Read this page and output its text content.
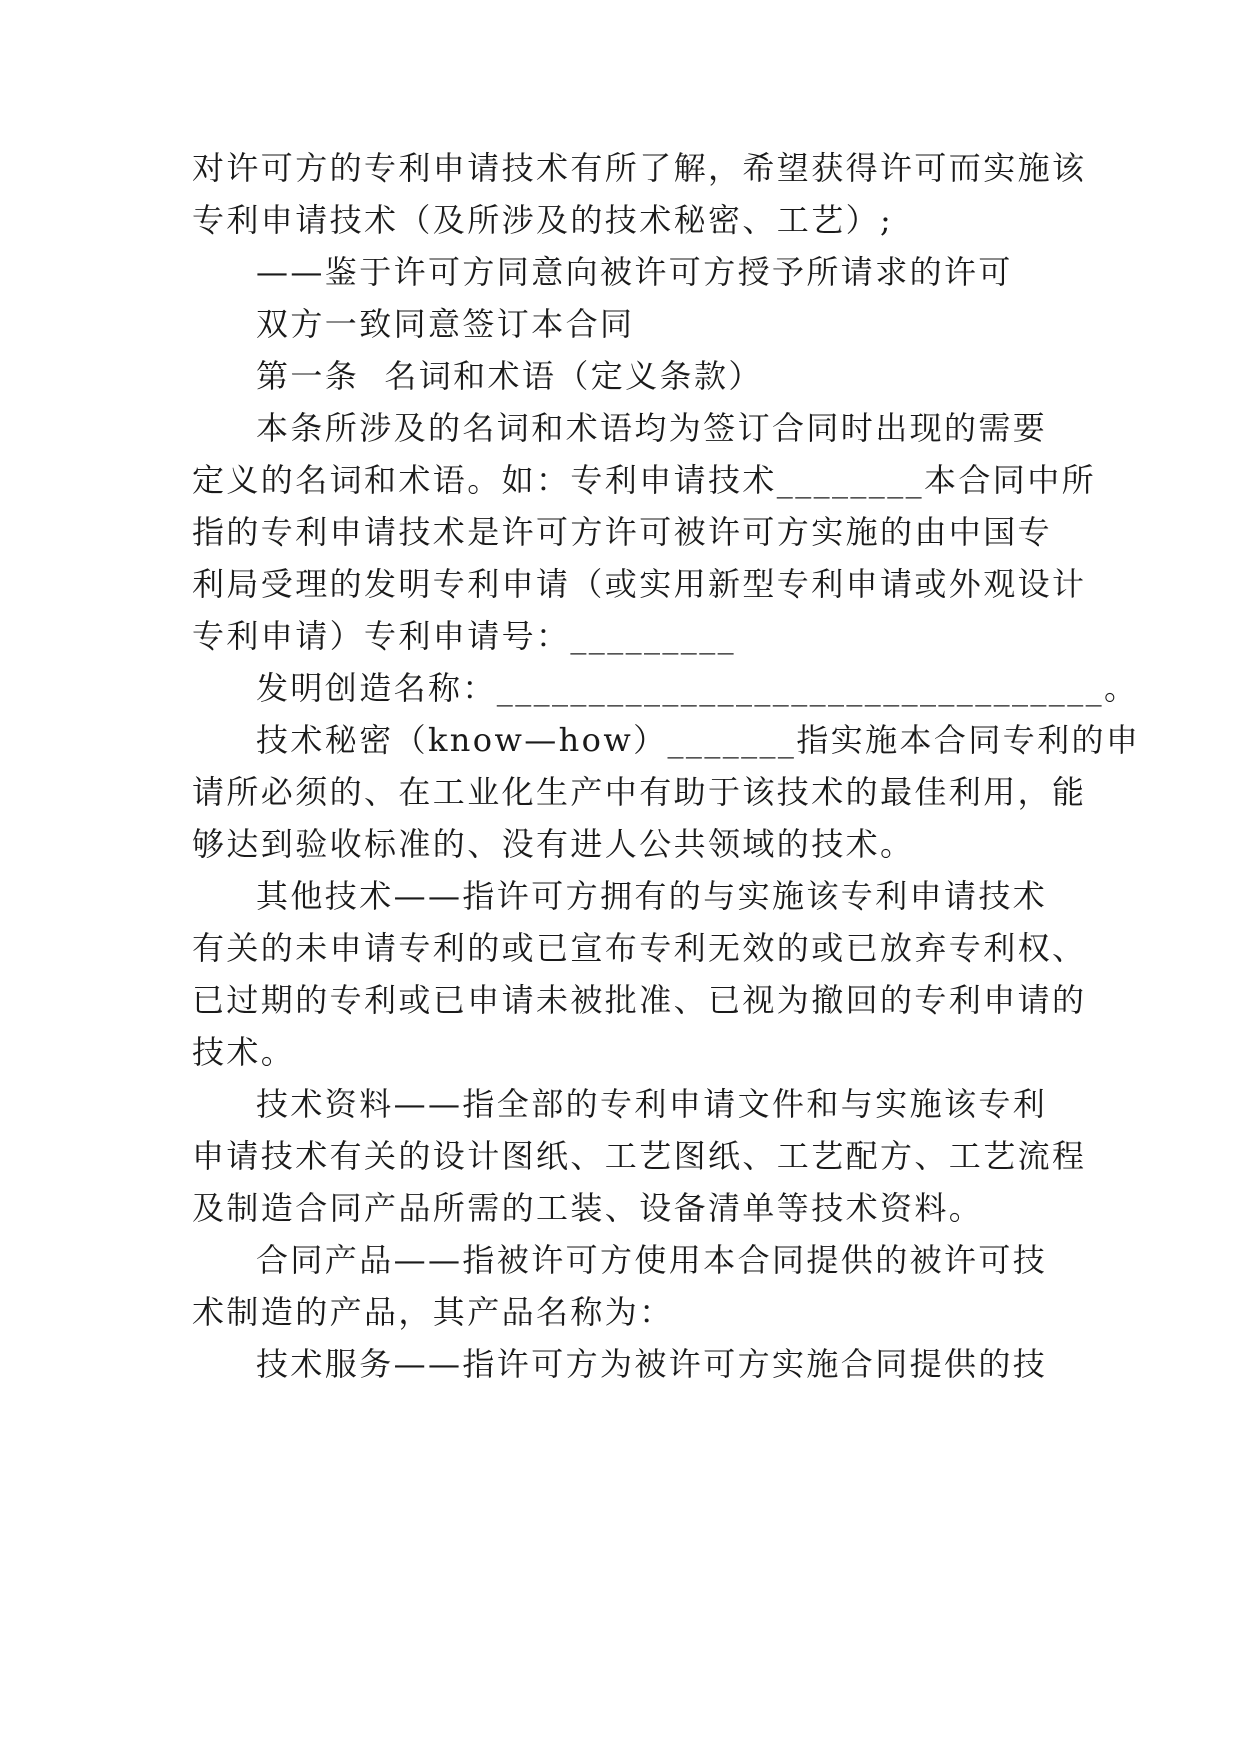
对许可方的专利申请技术有所了解，希望获得许可而实施该
专利申请技术（及所涉及的技术秘密、工艺）;
——鉴于许可方同意向被许可方授予所请求的许可
双方一致同意签订本合同
第一条  名词和术语（定义条款）
本条所涉及的名词和术语均为签订合同时出现的需要
定义的名词和术语。如：专利申请技术________本合同中所
指的专利申请技术是许可方许可被许可方实施的由中国专
利局受理的发明专利申请（或实用新型专利申请或外观设计
专利申请）专利申请号：_________
发明创造名称：_________________________________。
技术秘密（know—how）_______指实施本合同专利的申
请所必须的、在工业化生产中有助于该技术的最佳利用，能
够达到验收标准的、没有进人公共领域的技术。
其他技术——指许可方拥有的与实施该专利申请技术
有关的未申请专利的或已宣布专利无效的或已放弃专利权、
已过期的专利或已申请未被批准、已视为撤回的专利申请的
技术。
技术资料——指全部的专利申请文件和与实施该专利
申请技术有关的设计图纸、工艺图纸、工艺配方、工艺流程
及制造合同产品所需的工装、设备清单等技术资料。
合同产品——指被许可方使用本合同提供的被许可技
术制造的产品，其产品名称为：
技术服务——指许可方为被许可方实施合同提供的技
